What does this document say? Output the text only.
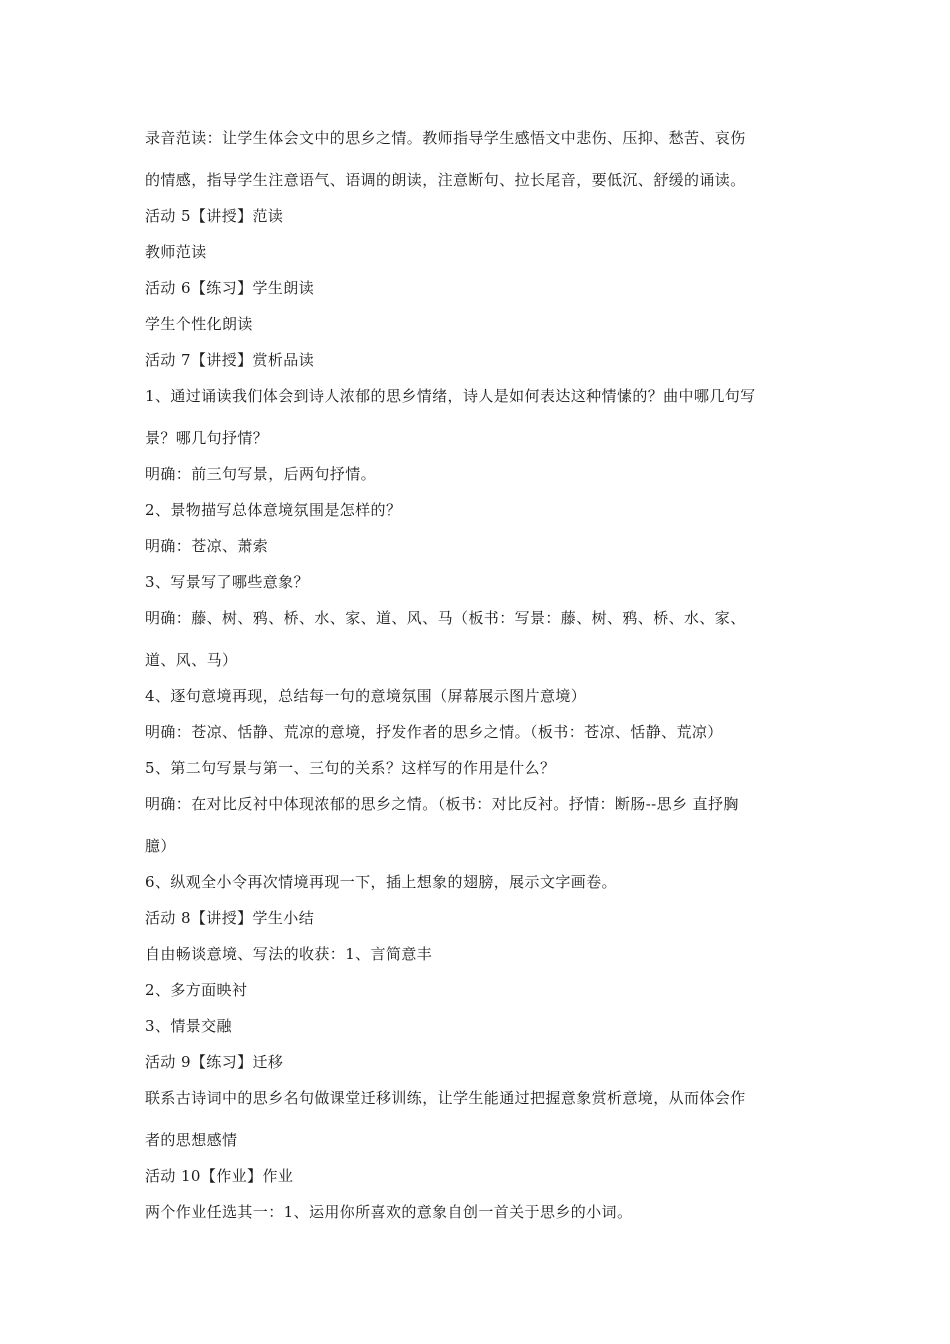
录音范读：让学生体会文中的思乡之情。教师指导学生感悟文中悲伤、压抑、愁苦、哀伤

的情感，指导学生注意语气、语调的朗读，注意断句、拉长尾音，要低沉、舒缓的诵读。

活动 5【讲授】范读

教师范读

活动 6【练习】学生朗读

学生个性化朗读

活动 7【讲授】赏析品读

1、通过诵读我们体会到诗人浓郁的思乡情绪，诗人是如何表达这种情愫的？曲中哪几句写

景？哪几句抒情？

明确：前三句写景，后两句抒情。

2、景物描写总体意境氛围是怎样的？

明确：苍凉、萧索

3、写景写了哪些意象？

明确：藤、树、鸦、桥、水、家、道、风、马（板书：写景：藤、树、鸦、桥、水、家、

道、风、马）

4、逐句意境再现，总结每一句的意境氛围（屏幕展示图片意境）

明确：苍凉、恬静、荒凉的意境，抒发作者的思乡之情。（板书：苍凉、恬静、荒凉）

5、第二句写景与第一、三句的关系？这样写的作用是什么？

明确：在对比反衬中体现浓郁的思乡之情。（板书：对比反衬。抒情：断肠--思乡 直抒胸

臆）

6、纵观全小令再次情境再现一下，插上想象的翅膀，展示文字画卷。

活动 8【讲授】学生小结

自由畅谈意境、写法的收获：1、言简意丰

2、多方面映衬

3、情景交融

活动 9【练习】迁移

联系古诗词中的思乡名句做课堂迁移训练，让学生能通过把握意象赏析意境，从而体会作

者的思想感情

活动 10【作业】作业

两个作业任选其一：1、运用你所喜欢的意象自创一首关于思乡的小词。
